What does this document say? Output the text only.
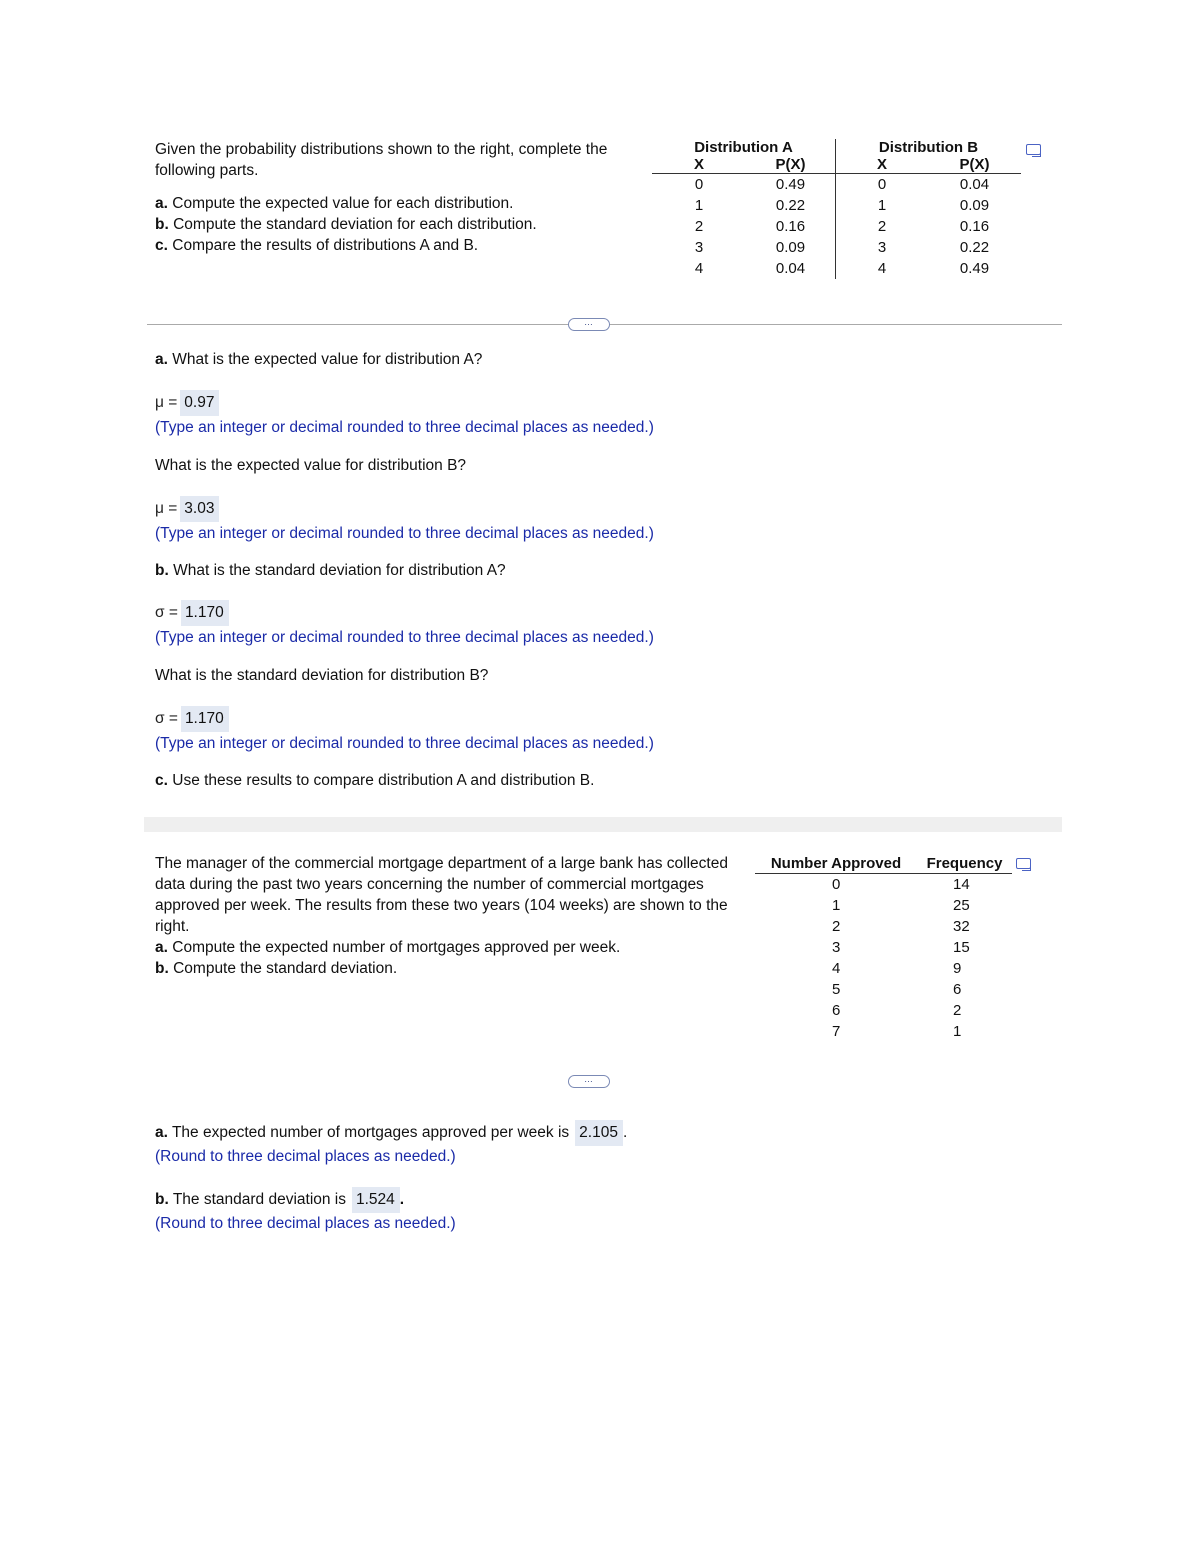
Given the probability distributions shown to the right, complete the following parts.

a. Compute the expected value for each distribution.

b. Compute the standard deviation for each distribution.

c. Compare the results of distributions A and B.

Distribution A		Distribution B	
X	P(X)	X	P(X)
0	0.49	0	0.04
1	0.22	1	0.09
2	0.16	2	0.16
3	0.09	3	0.22
4	0.04	4	0.49
…
a. What is the expected value for distribution A?
μ = 0.97
(Type an integer or decimal rounded to three decimal places as needed.)
What is the expected value for distribution B?
μ = 3.03
(Type an integer or decimal rounded to three decimal places as needed.)
b. What is the standard deviation for distribution A?
σ = 1.170
(Type an integer or decimal rounded to three decimal places as needed.)
What is the standard deviation for distribution B?
σ = 1.170
(Type an integer or decimal rounded to three decimal places as needed.)
c. Use these results to compare distribution A and distribution B.
The manager of the commercial mortgage department of a large bank has collected data during the past two years concerning the number of commercial mortgages approved per week. The results from these two years (104 weeks) are shown to the right.
a. Compute the expected number of mortgages approved per week.
b. Compute the standard deviation.
Number Approved	Frequency
0	14
1	25
2	32
3	15
4	9
5	6
6	2
7	1
…
a. The expected number of mortgages approved per week is 2.105 .
(Round to three decimal places as needed.)
b. The standard deviation is 1.524 .
(Round to three decimal places as needed.)
